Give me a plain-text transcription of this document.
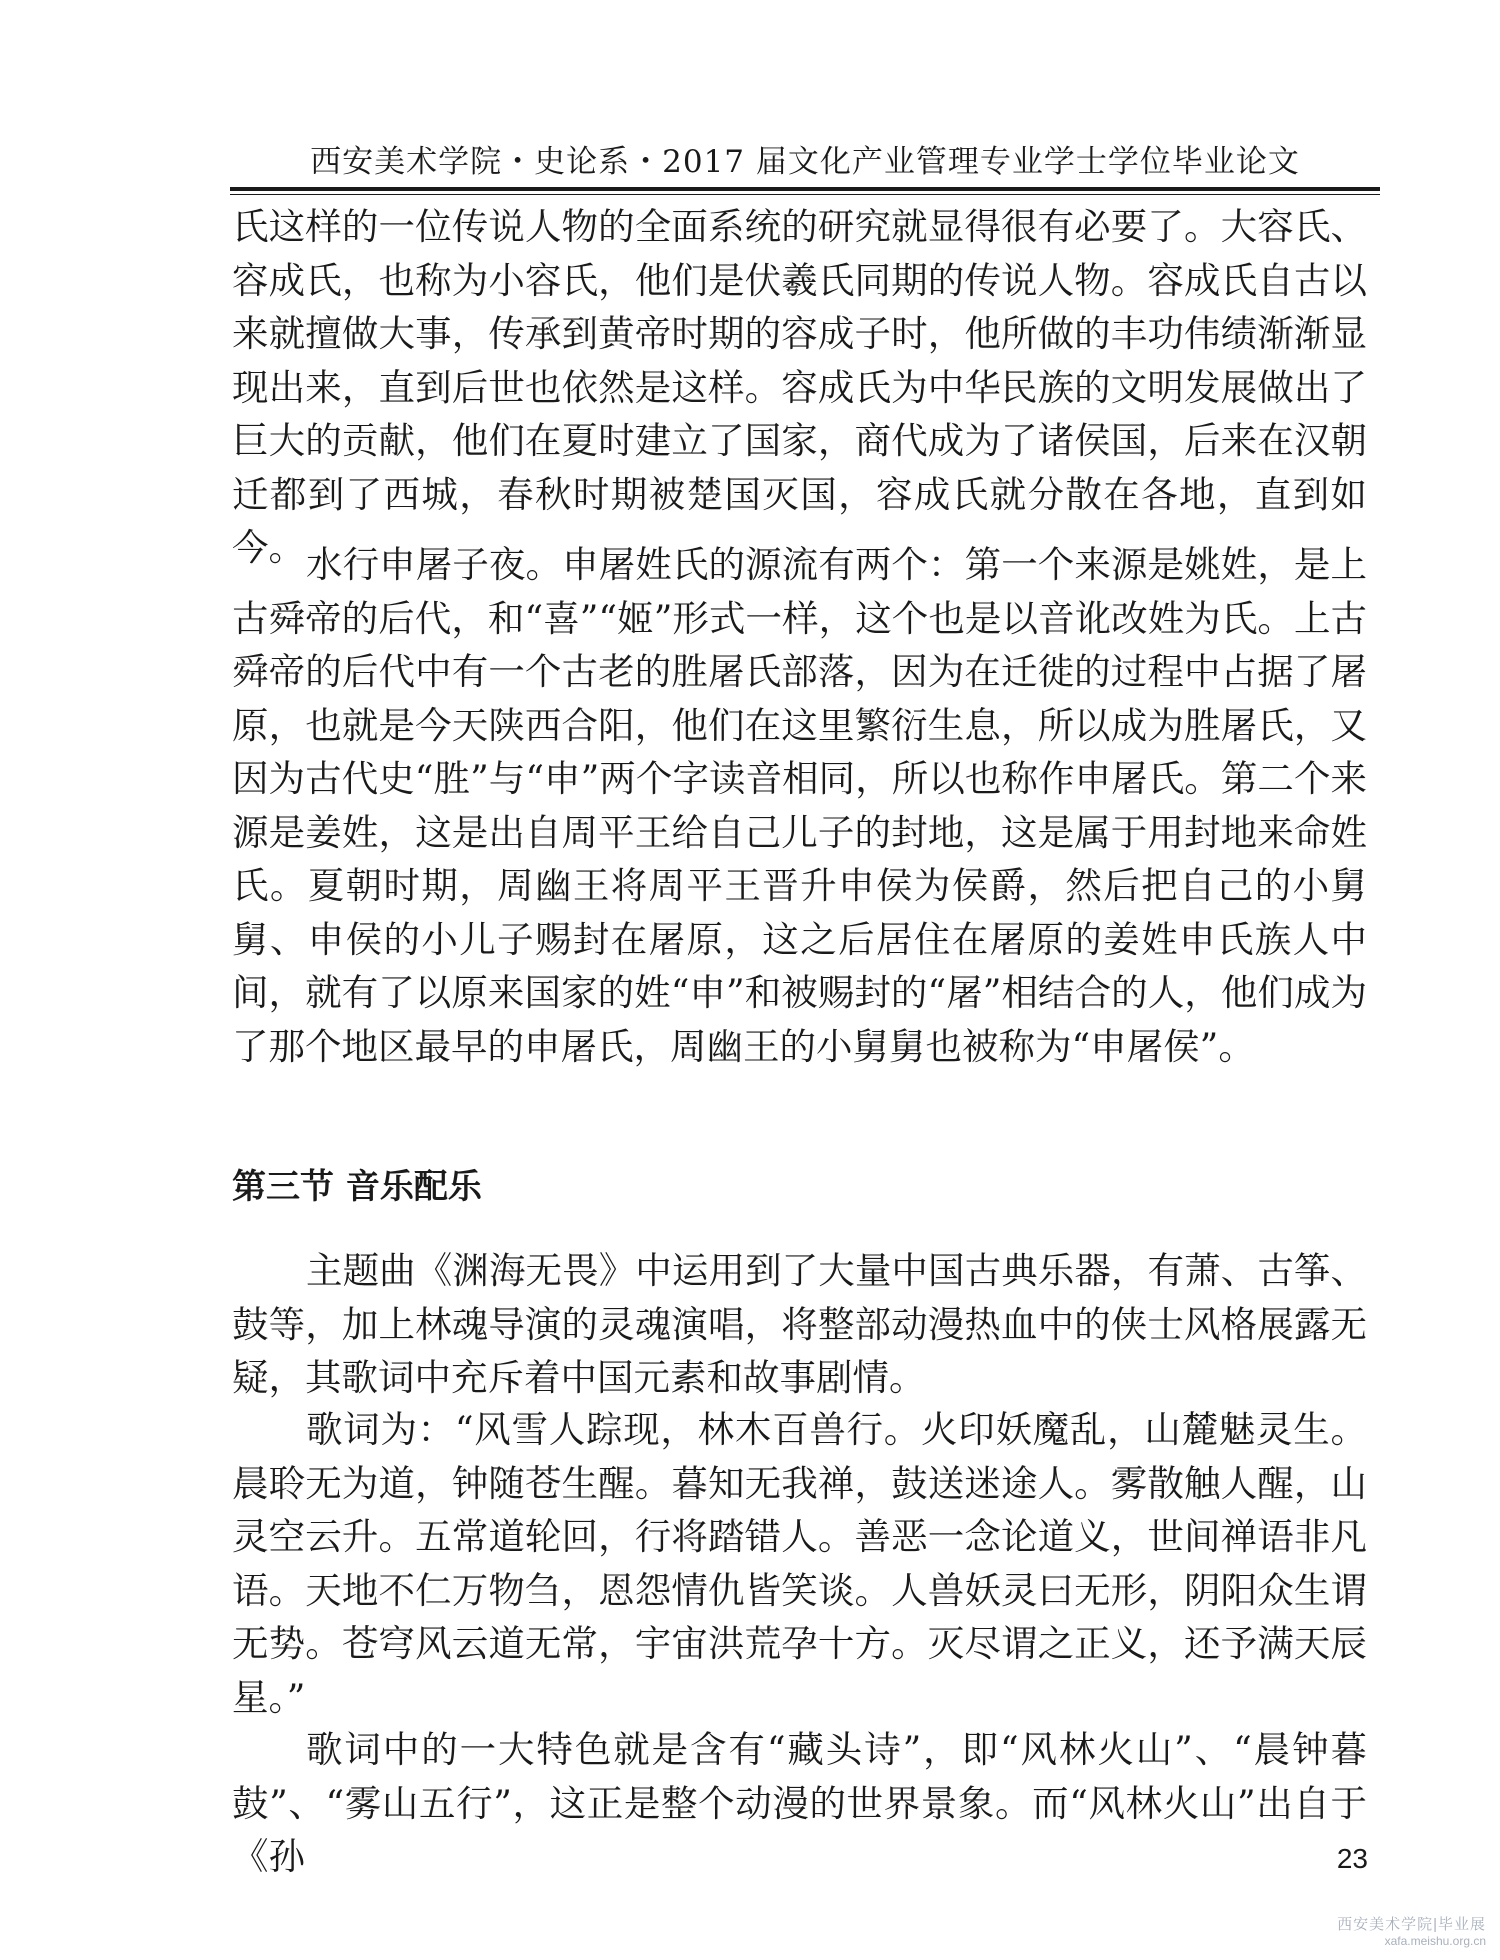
西安美术学院・史论系・2017 届文化产业管理专业学士学位毕业论文

氏这样的一位传说人物的全面系统的研究就显得很有必要了。大容氏、容成氏，也称为小容氏，他们是伏羲氏同期的传说人物。容成氏自古以来就擅做大事，传承到黄帝时期的容成子时，他所做的丰功伟绩渐渐显现出来，直到后世也依然是这样。容成氏为中华民族的文明发展做出了巨大的贡献，他们在夏时建立了国家，商代成为了诸侯国，后来在汉朝迁都到了西城，春秋时期被楚国灭国，容成氏就分散在各地，直到如今。 水行申屠子夜。申屠姓氏的源流有两个：第一个来源是姚姓，是上古舜帝的后代，和“喜”“姬”形式一样，这个也是以音讹改姓为氏。上古舜帝的后代中有一个古老的胜屠氏部落，因为在迁徙的过程中占据了屠原，也就是今天陕西合阳，他们在这里繁衍生息，所以成为胜屠氏，又因为古代史“胜”与“申”两个字读音相同，所以也称作申屠氏。第二个来源是姜姓，这是出自周平王给自己儿子的封地，这是属于用封地来命姓氏。夏朝时期，周幽王将周平王晋升申侯为侯爵，然后把自己的小舅舅、申侯的小儿子赐封在屠原，这之后居住在屠原的姜姓申氏族人中间，就有了以原来国家的姓“申”和被赐封的“屠”相结合的人，他们成为了那个地区最早的申屠氏，周幽王的小舅舅也被称为“申屠侯”。

第三节 音乐配乐

主题曲《渊海无畏》中运用到了大量中国古典乐器，有萧、古筝、鼓等，加上林魂导演的灵魂演唱，将整部动漫热血中的侠士风格展露无疑，其歌词中充斥着中国元素和故事剧情。

歌词为：“风雪人踪现，林木百兽行。火印妖魔乱，山麓魅灵生。晨聆无为道，钟随苍生醒。暮知无我禅，鼓送迷途人。雾散触人醒，山灵空云升。五常道轮回，行将踏错人。善恶一念论道义，世间禅语非凡语。天地不仁万物刍，恩怨情仇皆笑谈。人兽妖灵曰无形，阴阳众生谓无势。苍穹风云道无常，宇宙洪荒孕十方。灭尽谓之正义，还予满天辰星。”

歌词中的一大特色就是含有“藏头诗”，即“风林火山”、“晨钟暮鼓”、“雾山五行”，这正是整个动漫的世界景象。而“风林火山”出自于《孙	23
西安美术学院|毕业展
xafa.meishu.org.cn
